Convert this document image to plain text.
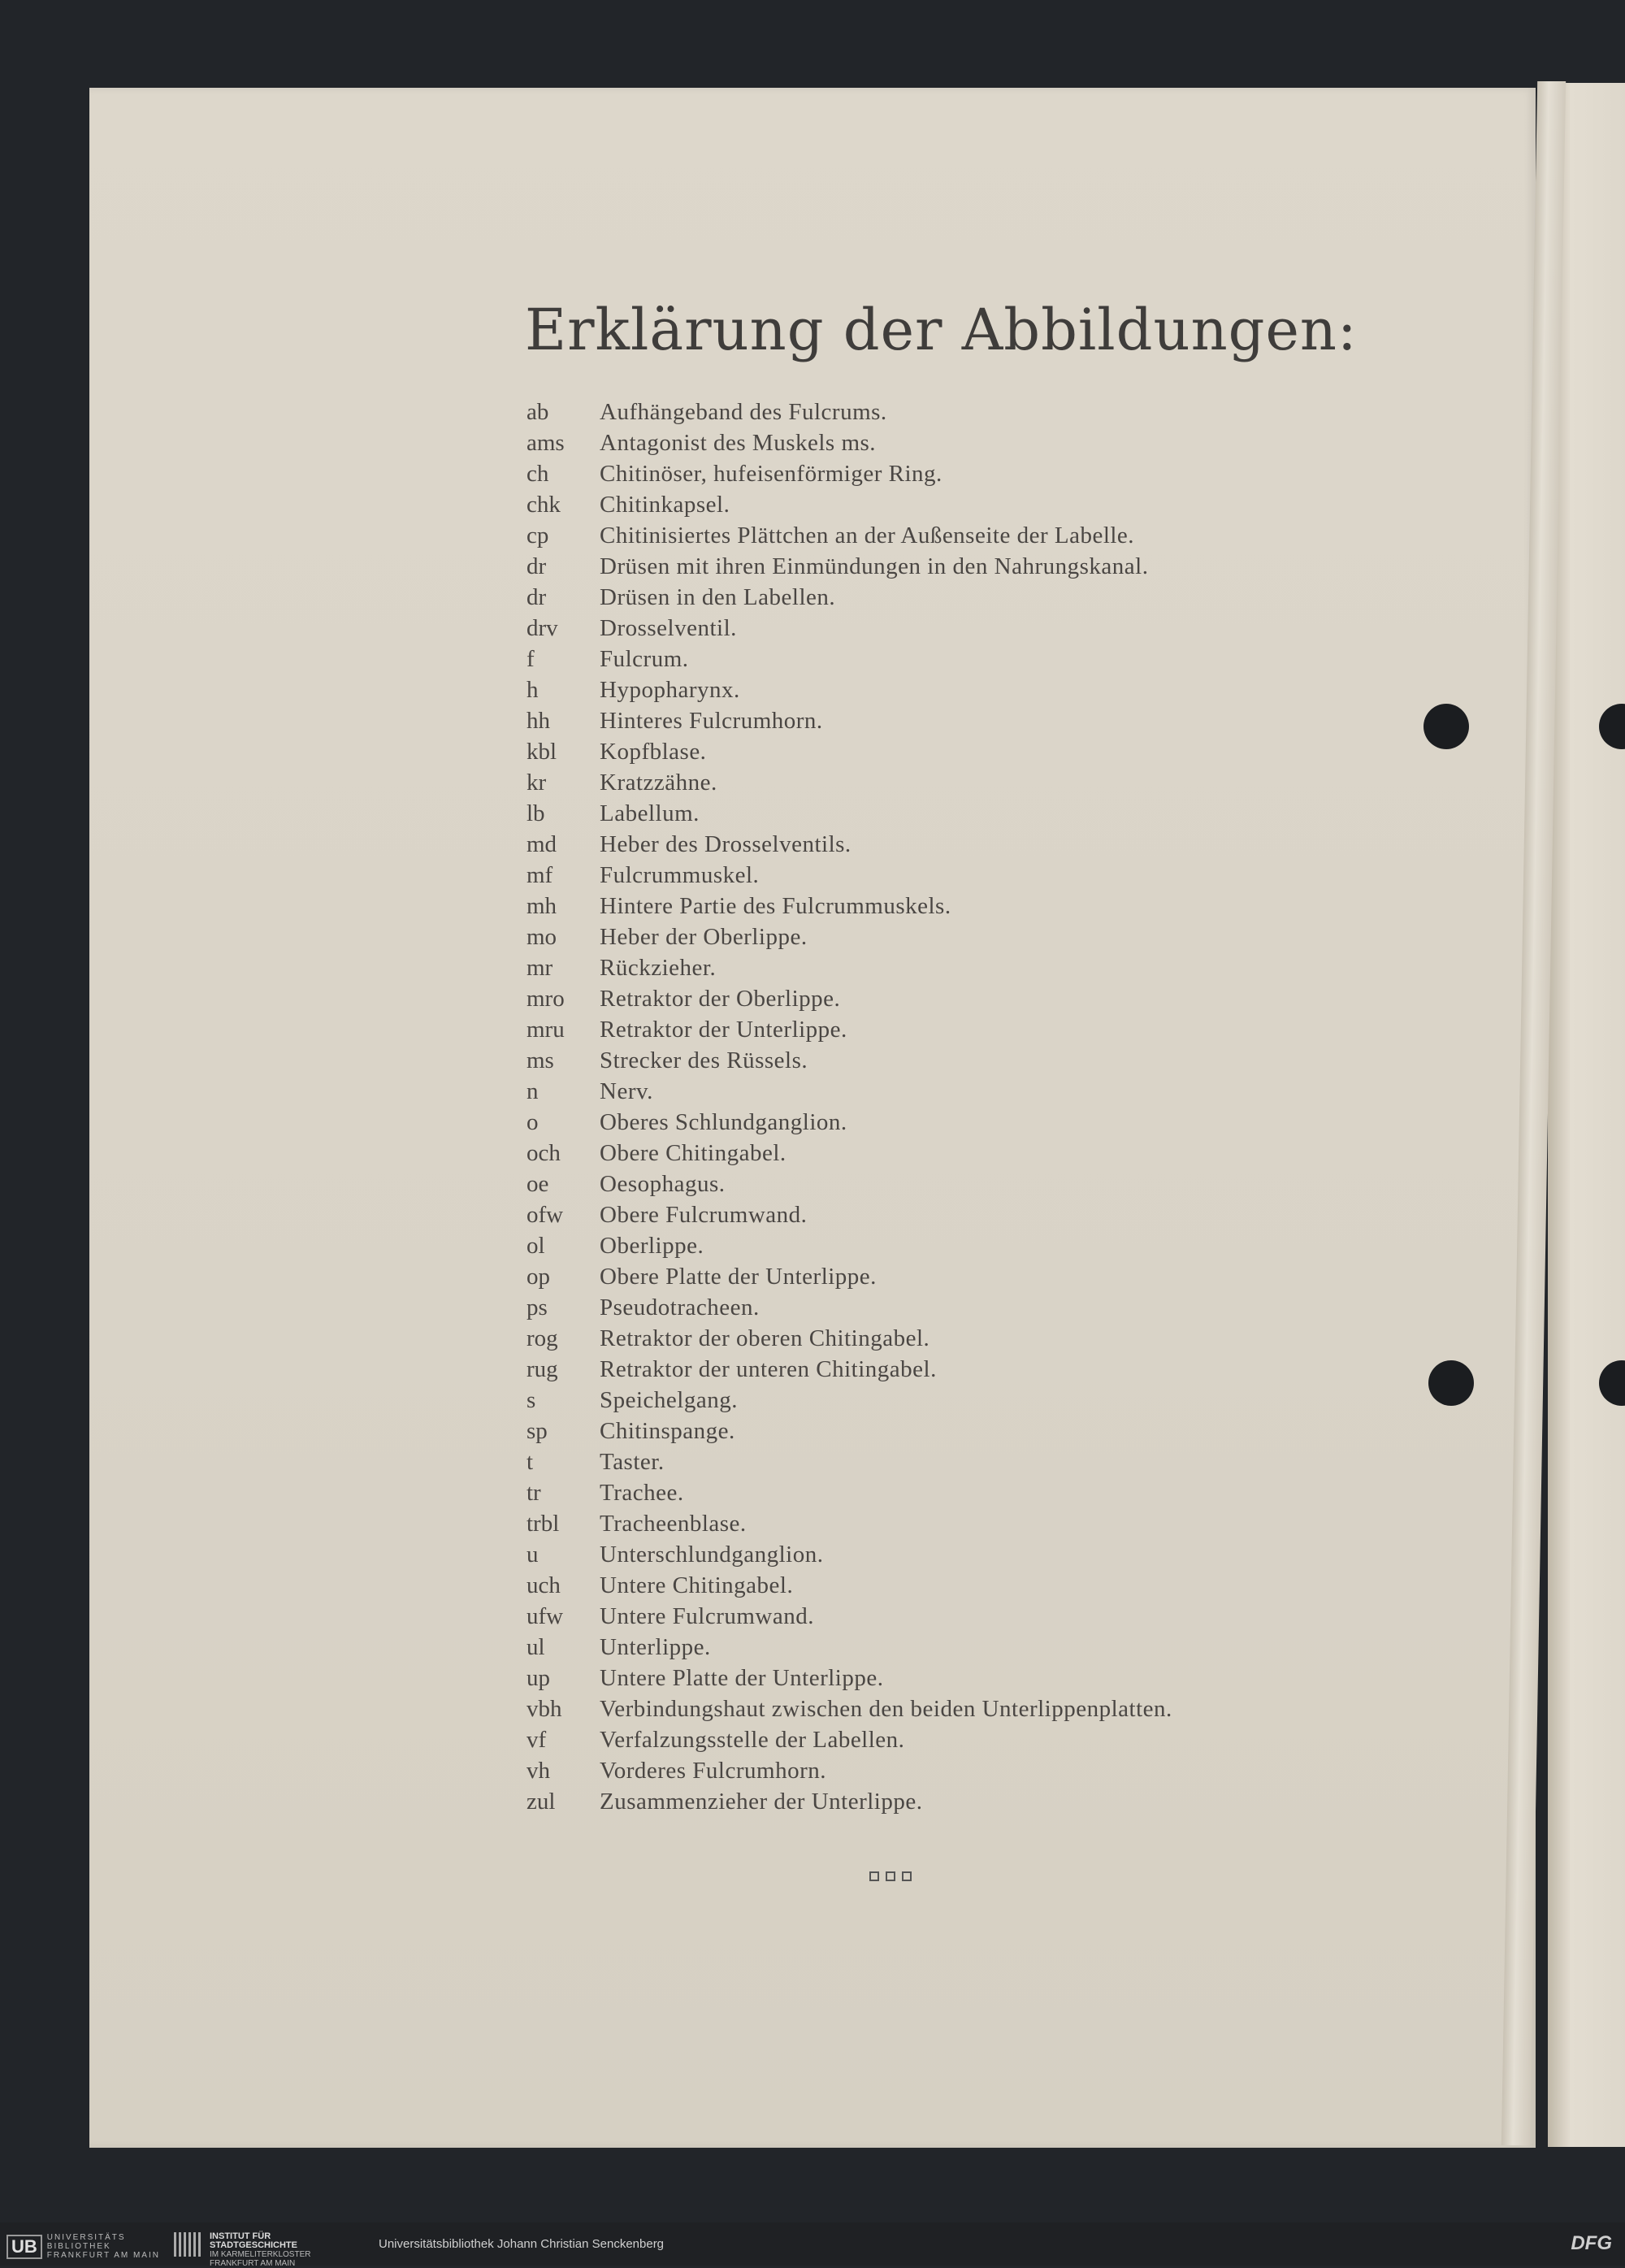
Erklärung der Abbildungen:
ab	Aufhängeband des Fulcrums.
ams	Antagonist des Muskels ms.
ch	Chitinöser, hufeisenförmiger Ring.
chk	Chitinkapsel.
cp	Chitinisiertes Plättchen an der Außenseite der Labelle.
dr	Drüsen mit ihren Einmündungen in den Nahrungskanal.
dr	Drüsen in den Labellen.
drv	Drosselventil.
f	Fulcrum.
h	Hypopharynx.
hh	Hinteres Fulcrumhorn.
kbl	Kopfblase.
kr	Kratzzähne.
lb	Labellum.
md	Heber des Drosselventils.
mf	Fulcrummuskel.
mh	Hintere Partie des Fulcrummuskels.
mo	Heber der Oberlippe.
mr	Rückzieher.
mro	Retraktor der Oberlippe.
mru	Retraktor der Unterlippe.
ms	Strecker des Rüssels.
n	Nerv.
o	Oberes Schlundganglion.
och	Obere Chitingabel.
oe	Oesophagus.
ofw	Obere Fulcrumwand.
ol	Oberlippe.
op	Obere Platte der Unterlippe.
ps	Pseudotracheen.
rog	Retraktor der oberen Chitingabel.
rug	Retraktor der unteren Chitingabel.
s	Speichelgang.
sp	Chitinspange.
t	Taster.
tr	Trachee.
trbl	Tracheenblase.
u	Unterschlundganglion.
uch	Untere Chitingabel.
ufw	Untere Fulcrumwand.
ul	Unterlippe.
up	Untere Platte der Unterlippe.
vbh	Verbindungshaut zwischen den beiden Unterlippenplatten.
vf	Verfalzungsstelle der Labellen.
vh	Vorderes Fulcrumhorn.
zul	Zusammenzieher der Unterlippe.
UB	UNIVERSITÄTS
BIBLIOTHEK
FRANKFURT AM MAIN
INSTITUT FÜR
STADTGESCHICHTE
IM KARMELITERKLOSTER
FRANKFURT AM MAIN
Universitätsbibliothek Johann Christian Senckenberg	DFG
